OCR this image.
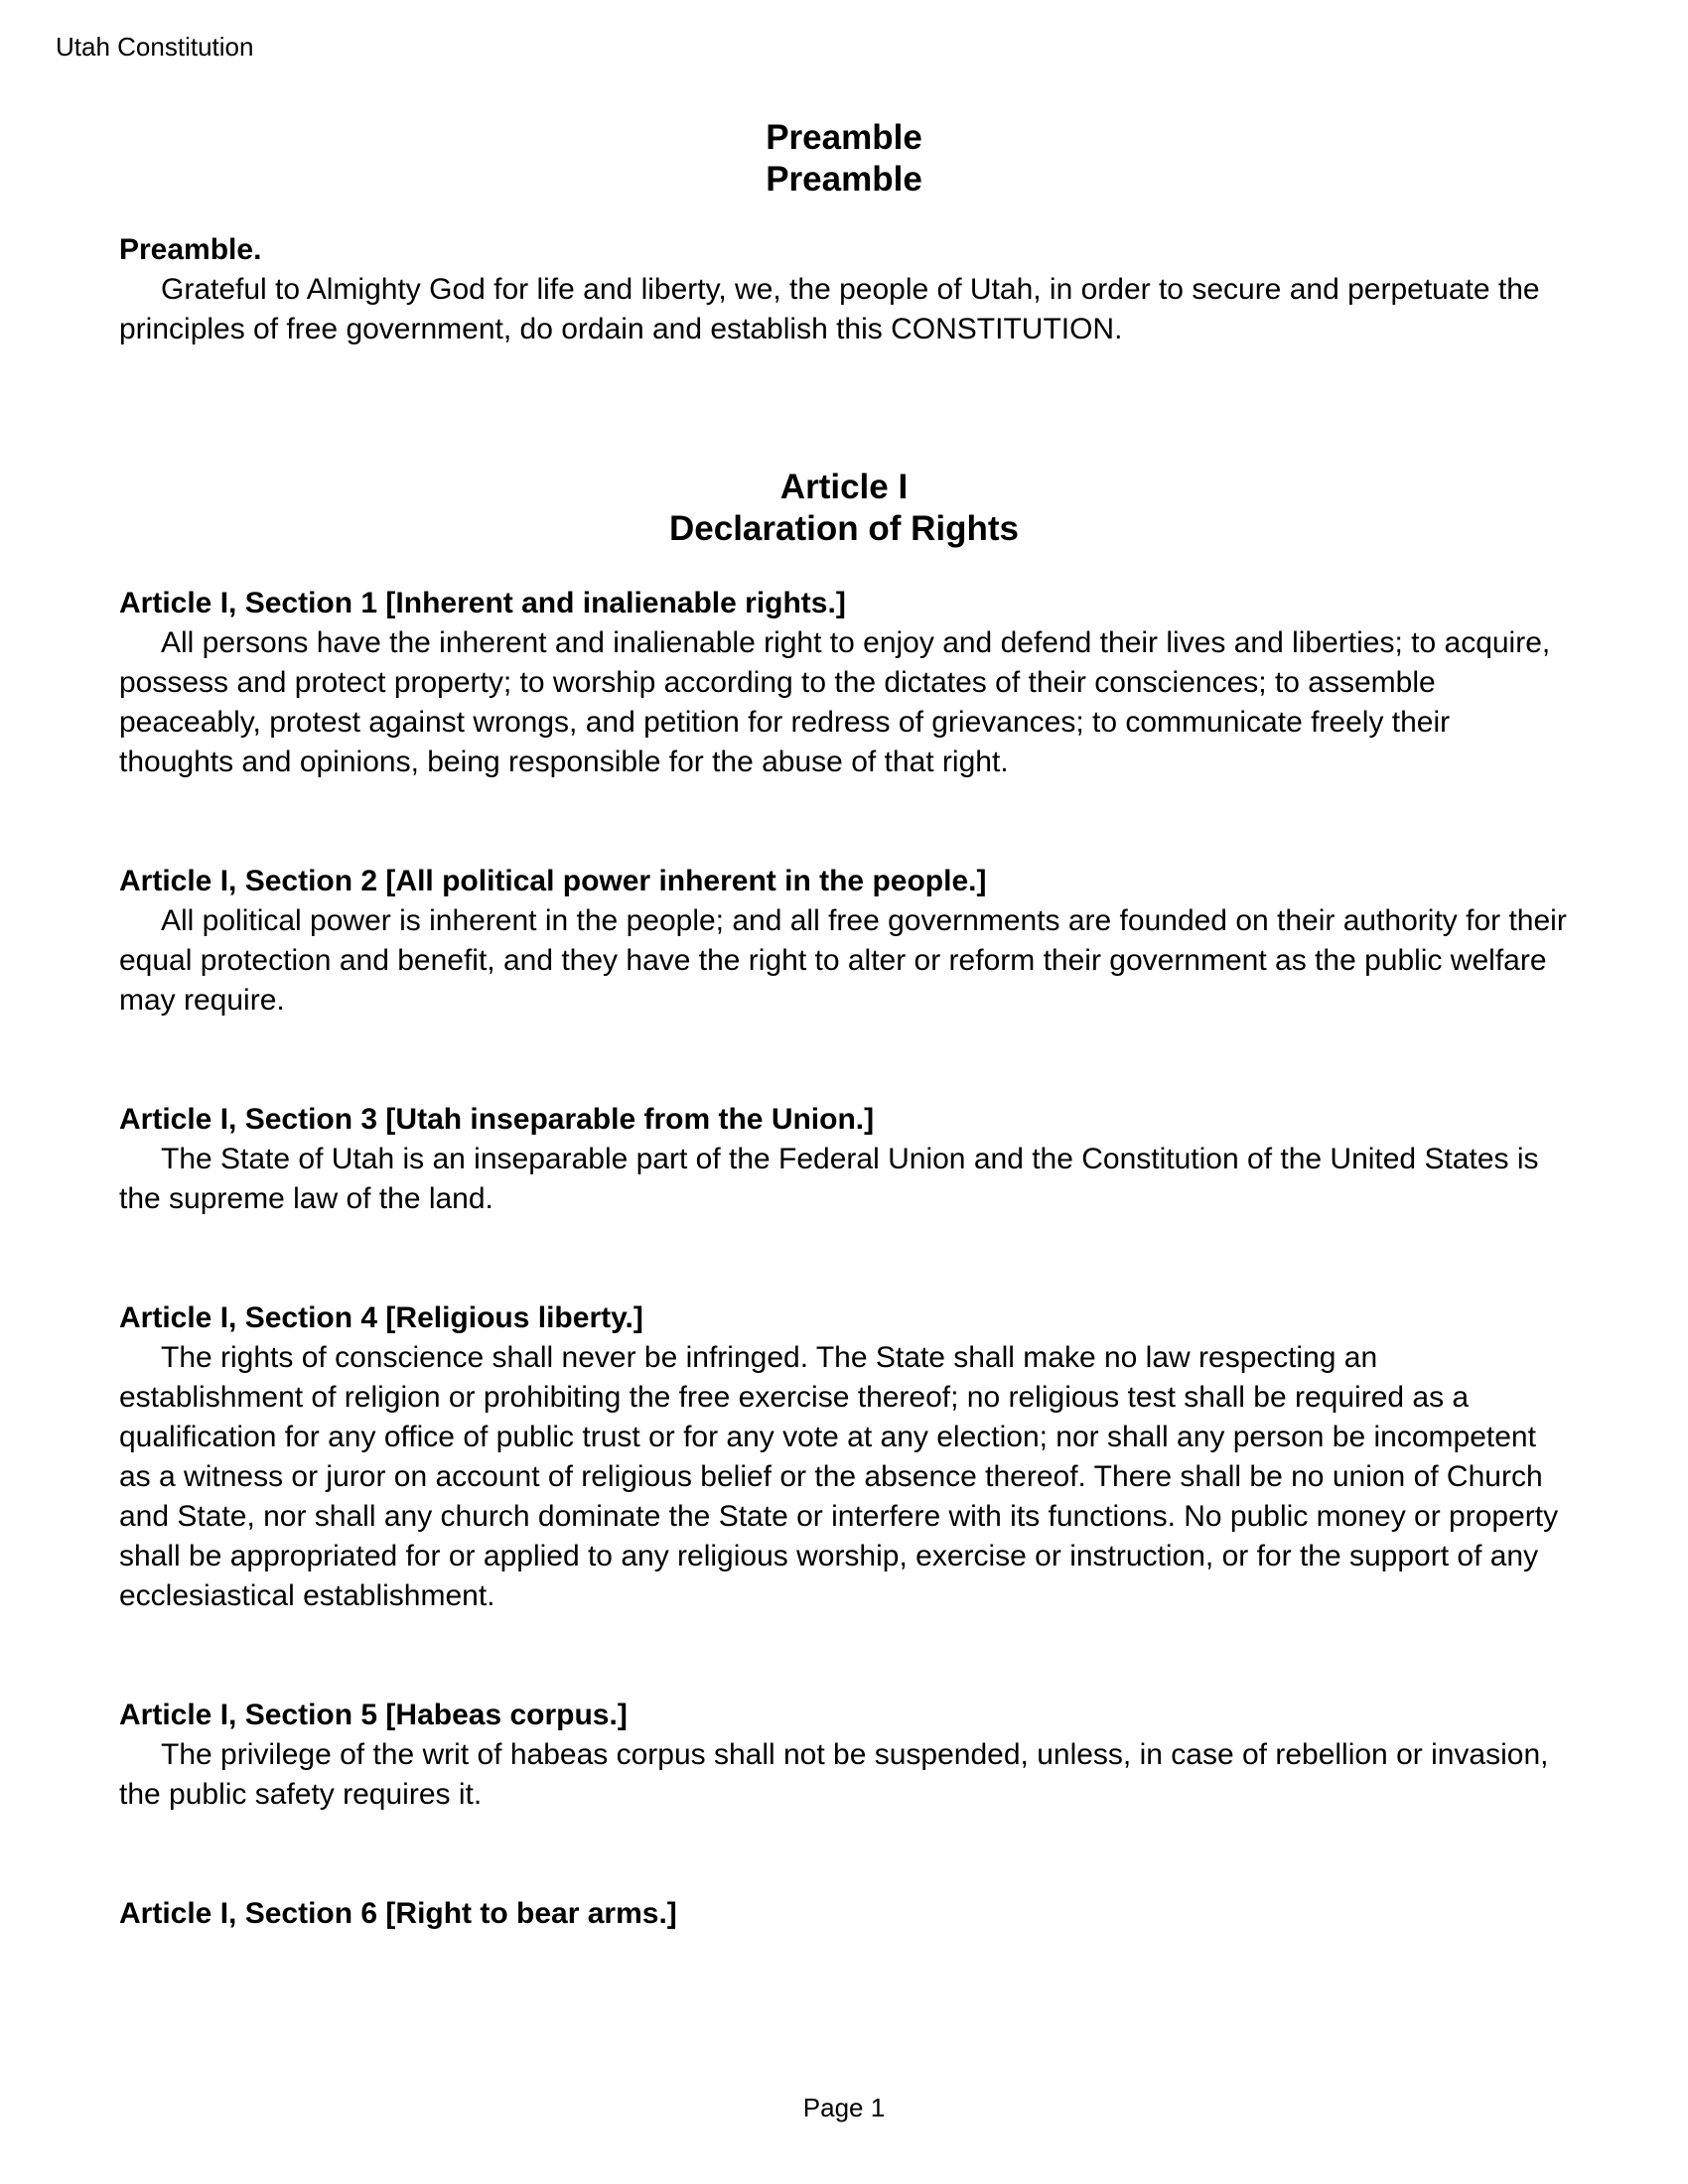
Utah Constitution
Preamble
Preamble
Preamble.

Grateful to Almighty God for life and liberty, we, the people of Utah, in order to secure and perpetuate the principles of free government, do ordain and establish this CONSTITUTION.

Article I
Declaration of Rights
Article I, Section 1 [Inherent and inalienable rights.]

All persons have the inherent and inalienable right to enjoy and defend their lives and liberties; to acquire, possess and protect property; to worship according to the dictates of their consciences; to assemble peaceably, protest against wrongs, and petition for redress of grievances; to communicate freely their thoughts and opinions, being responsible for the abuse of that right.

Article I, Section 2 [All political power inherent in the people.]

All political power is inherent in the people; and all free governments are founded on their authority for their equal protection and benefit, and they have the right to alter or reform their government as the public welfare may require.

Article I, Section 3 [Utah inseparable from the Union.]

The State of Utah is an inseparable part of the Federal Union and the Constitution of the United States is the supreme law of the land.

Article I, Section 4 [Religious liberty.]

The rights of conscience shall never be infringed. The State shall make no law respecting an establishment of religion or prohibiting the free exercise thereof; no religious test shall be required as a qualification for any office of public trust or for any vote at any election; nor shall any person be incompetent as a witness or juror on account of religious belief or the absence thereof. There shall be no union of Church and State, nor shall any church dominate the State or interfere with its functions. No public money or property shall be appropriated for or applied to any religious worship, exercise or instruction, or for the support of any ecclesiastical establishment.

Article I, Section 5 [Habeas corpus.]

The privilege of the writ of habeas corpus shall not be suspended, unless, in case of rebellion or invasion, the public safety requires it.

Article I, Section 6 [Right to bear arms.]

Page 1
